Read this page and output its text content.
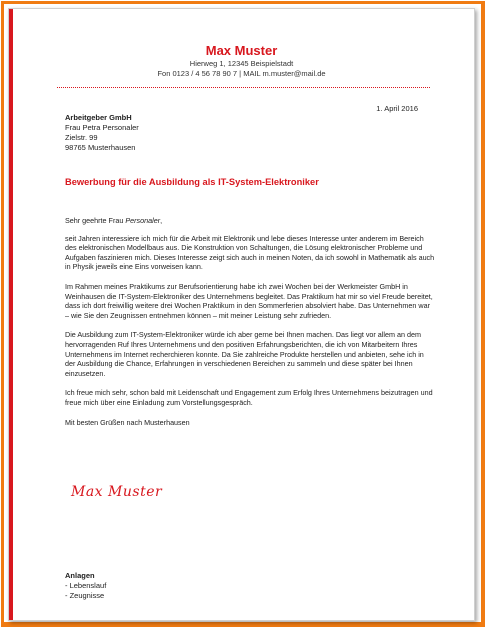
Max Muster
Hierweg 1, 12345 Beispielstadt
Fon 0123 / 4 56 78 90 7 | MAIL m.muster@mail.de
1. April 2016
Arbeitgeber GmbH
Frau Petra Personaler
Zielstr. 99
98765 Musterhausen
Bewerbung für die Ausbildung als IT-System-Elektroniker

Sehr geehrte Frau Personaler,

seit Jahren interessiere ich mich für die Arbeit mit Elektronik und lebe dieses Interesse unter anderem im Bereich des elektronischen Modellbaus aus. Die Konstruktion von Schaltungen, die Lösung elektronischer Probleme und Aufgaben faszinieren mich. Dieses Interesse zeigt sich auch in meinen Noten, da ich sowohl in Mathematik als auch in Physik jeweils eine Eins vorweisen kann.

Im Rahmen meines Praktikums zur Berufsorientierung habe ich zwei Wochen bei der Werkmeister GmbH in Weinhausen die IT-System-Elektroniker des Unternehmens begleitet. Das Praktikum hat mir so viel Freude bereitet, dass ich dort freiwillig weitere drei Wochen Praktikum in den Sommerferien absolviert habe. Das Unternehmen war – wie Sie den Zeugnissen entnehmen können – mit meiner Leistung sehr zufrieden.

Die Ausbildung zum IT-System-Elektroniker würde ich aber gerne bei Ihnen machen. Das liegt vor allem an dem hervorragenden Ruf Ihres Unternehmens und den positiven Erfahrungsberichten, die ich von Mitarbeitern Ihres Unternehmens im Internet recherchieren konnte. Da Sie zahlreiche Produkte herstellen und anbieten, sehe ich in der Ausbildung die Chance, Erfahrungen in verschiedenen Bereichen zu sammeln und diese später bei Ihnen einzusetzen.

Ich freue mich sehr, schon bald mit Leidenschaft und Engagement zum Erfolg Ihres Unternehmens beizutragen und freue mich über eine Einladung zum Vorstellungsgespräch.

Mit besten Grüßen nach Musterhausen

Max Muster
Anlagen
- Lebenslauf
- Zeugnisse
